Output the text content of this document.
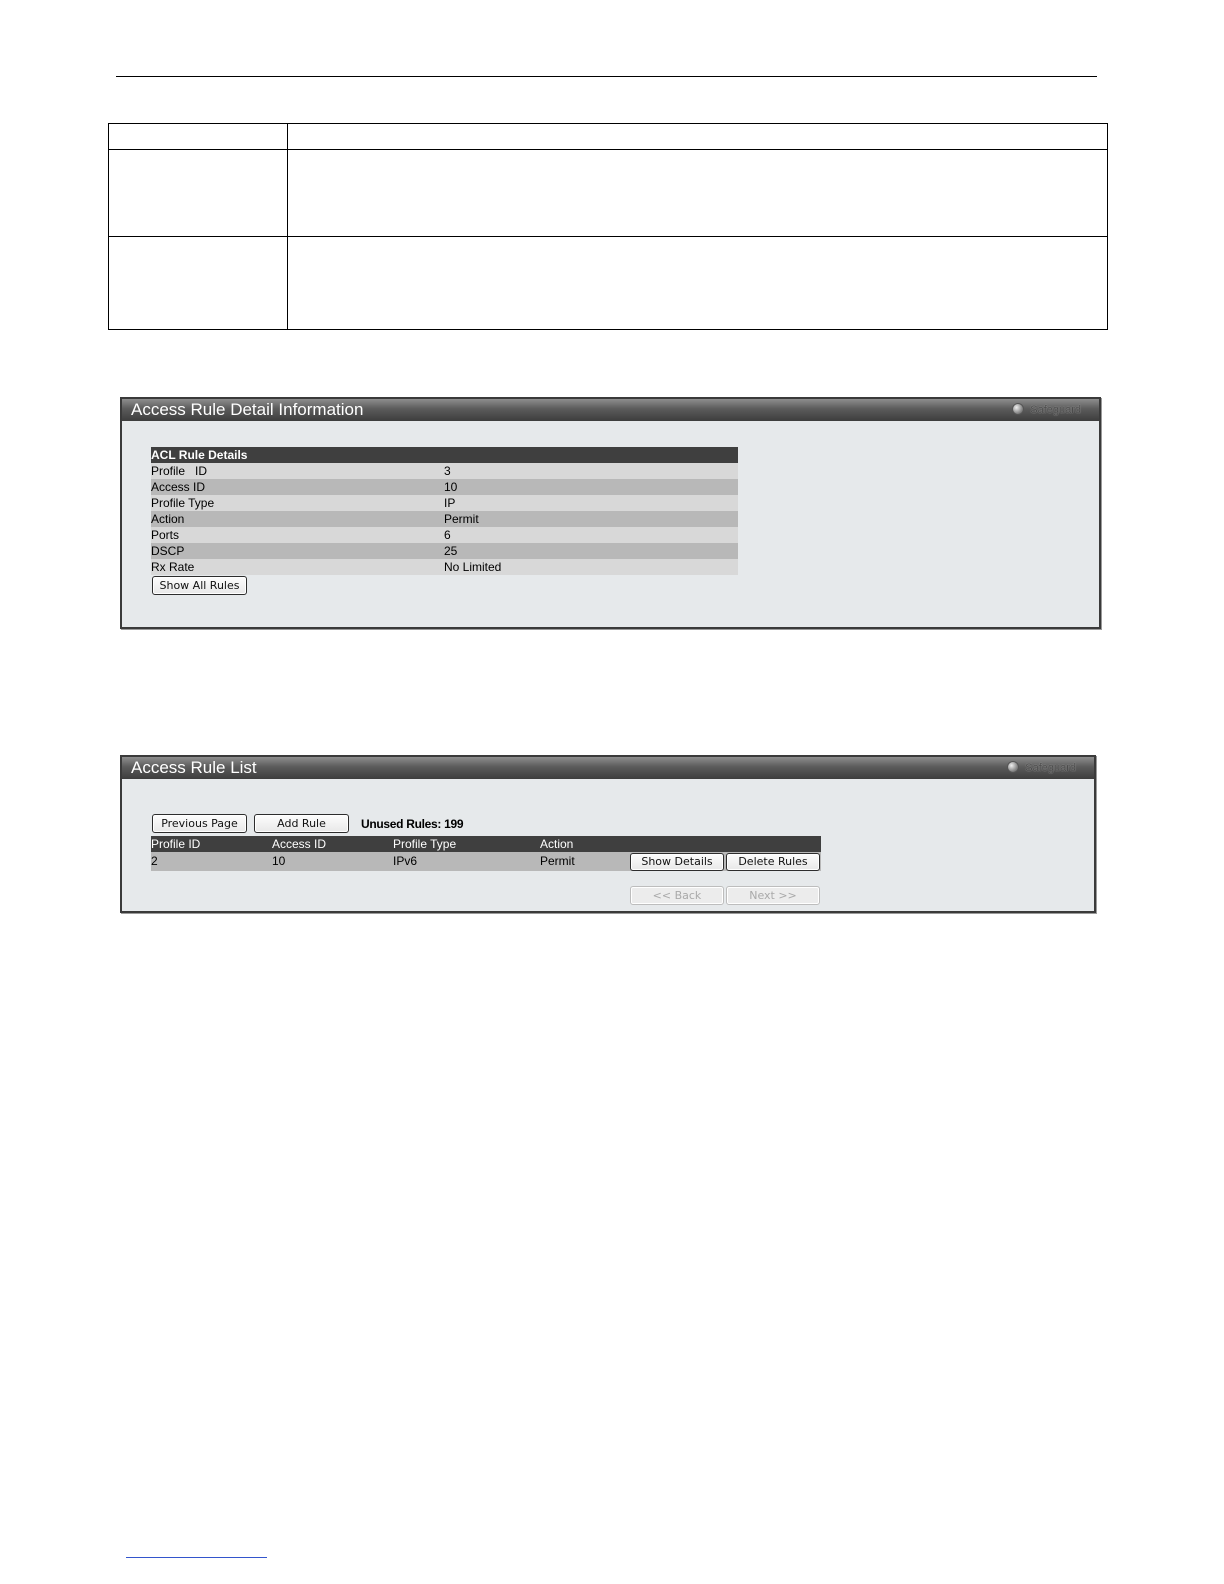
Access Rule Detail Information	Safeguard
ACL Rule Details
Profile   ID	3
Access ID	10
Profile Type	IP
Action	Permit
Ports	6
DSCP	25
Rx Rate	No Limited
Show All Rules
Access Rule List	Safeguard
Previous Page	Add Rule	Unused Rules: 199
Profile ID	Access ID	Profile Type	Action
2	10	IPv6	Permit	Show Details	Delete Rules
<< Back	Next >>
